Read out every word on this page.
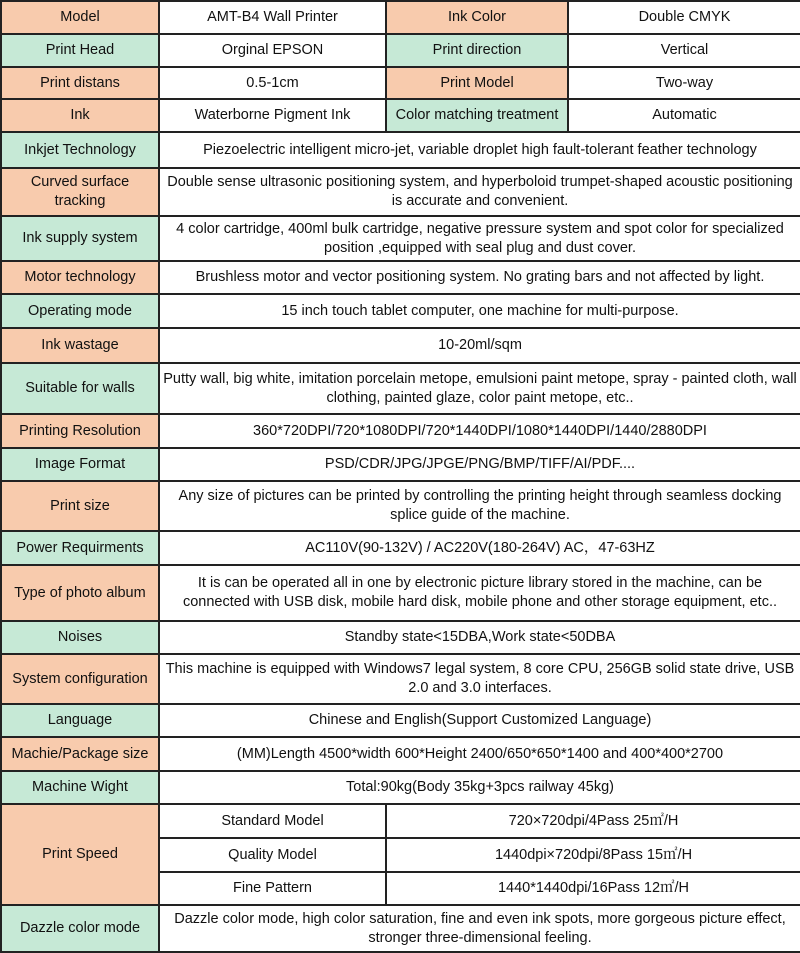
Model	AMT-B4 Wall Printer	Ink Color	Double CMYK
Print Head	Orginal EPSON	Print direction	Vertical
Print distans	0.5-1cm	Print Model	Two-way
Ink	Waterborne Pigment Ink	Color matching treatment	Automatic
Inkjet Technology	Piezoelectric intelligent micro-jet, variable droplet high fault-tolerant feather technology		
Curved surface tracking	Double sense ultrasonic positioning system, and hyperboloid trumpet-shaped acoustic positioning is accurate and convenient.		
Ink supply system	4 color cartridge, 400ml bulk cartridge, negative pressure system and spot color for specialized position ,equipped with seal plug and dust cover.		
Motor technology	Brushless motor and vector positioning system. No grating bars and not affected by light.		
Operating mode	15 inch touch tablet computer, one machine for multi-purpose.		
Ink wastage	10-20ml/sqm		
Suitable for walls	Putty wall, big white, imitation porcelain metope, emulsioni paint metope, spray - painted cloth, wall clothing, painted glaze, color paint metope, etc..		
Printing Resolution	360*720DPI/720*1080DPI/720*1440DPI/1080*1440DPI/1440/2880DPI		
Image Format	PSD/CDR/JPG/JPGE/PNG/BMP/TIFF/AI/PDF....		
Print size	Any size of pictures can be printed by controlling the printing height through seamless docking splice guide of the machine.		
Power Requirments	AC110V(90-132V) / AC220V(180-264V) AC，47-63HZ		
Type of photo album	It is can be operated all in one by electronic picture library stored in the machine, can be connected with USB disk, mobile hard disk, mobile phone and other storage equipment, etc..		
Noises	Standby state<15DBA,Work state<50DBA		
System configuration	This machine is equipped with Windows7 legal system, 8 core CPU, 256GB solid state drive, USB 2.0 and 3.0 interfaces.		
Language	Chinese and English(Support Customized Language)		
Machie/Package size	(MM)Length 4500*width 600*Height 2400/650*650*1400 and 400*400*2700		
Machine Wight	Total:90kg(Body 35kg+3pcs railway 45kg)		
Print Speed	Standard Model	720×720dpi/4Pass 25㎡/H	
	Quality Model	1440dpi×720dpi/8Pass 15㎡/H	
	Fine Pattern	1440*1440dpi/16Pass 12㎡/H	
Dazzle color mode	Dazzle color mode, high color saturation, fine and even ink spots, more gorgeous picture effect, stronger three-dimensional feeling.		
